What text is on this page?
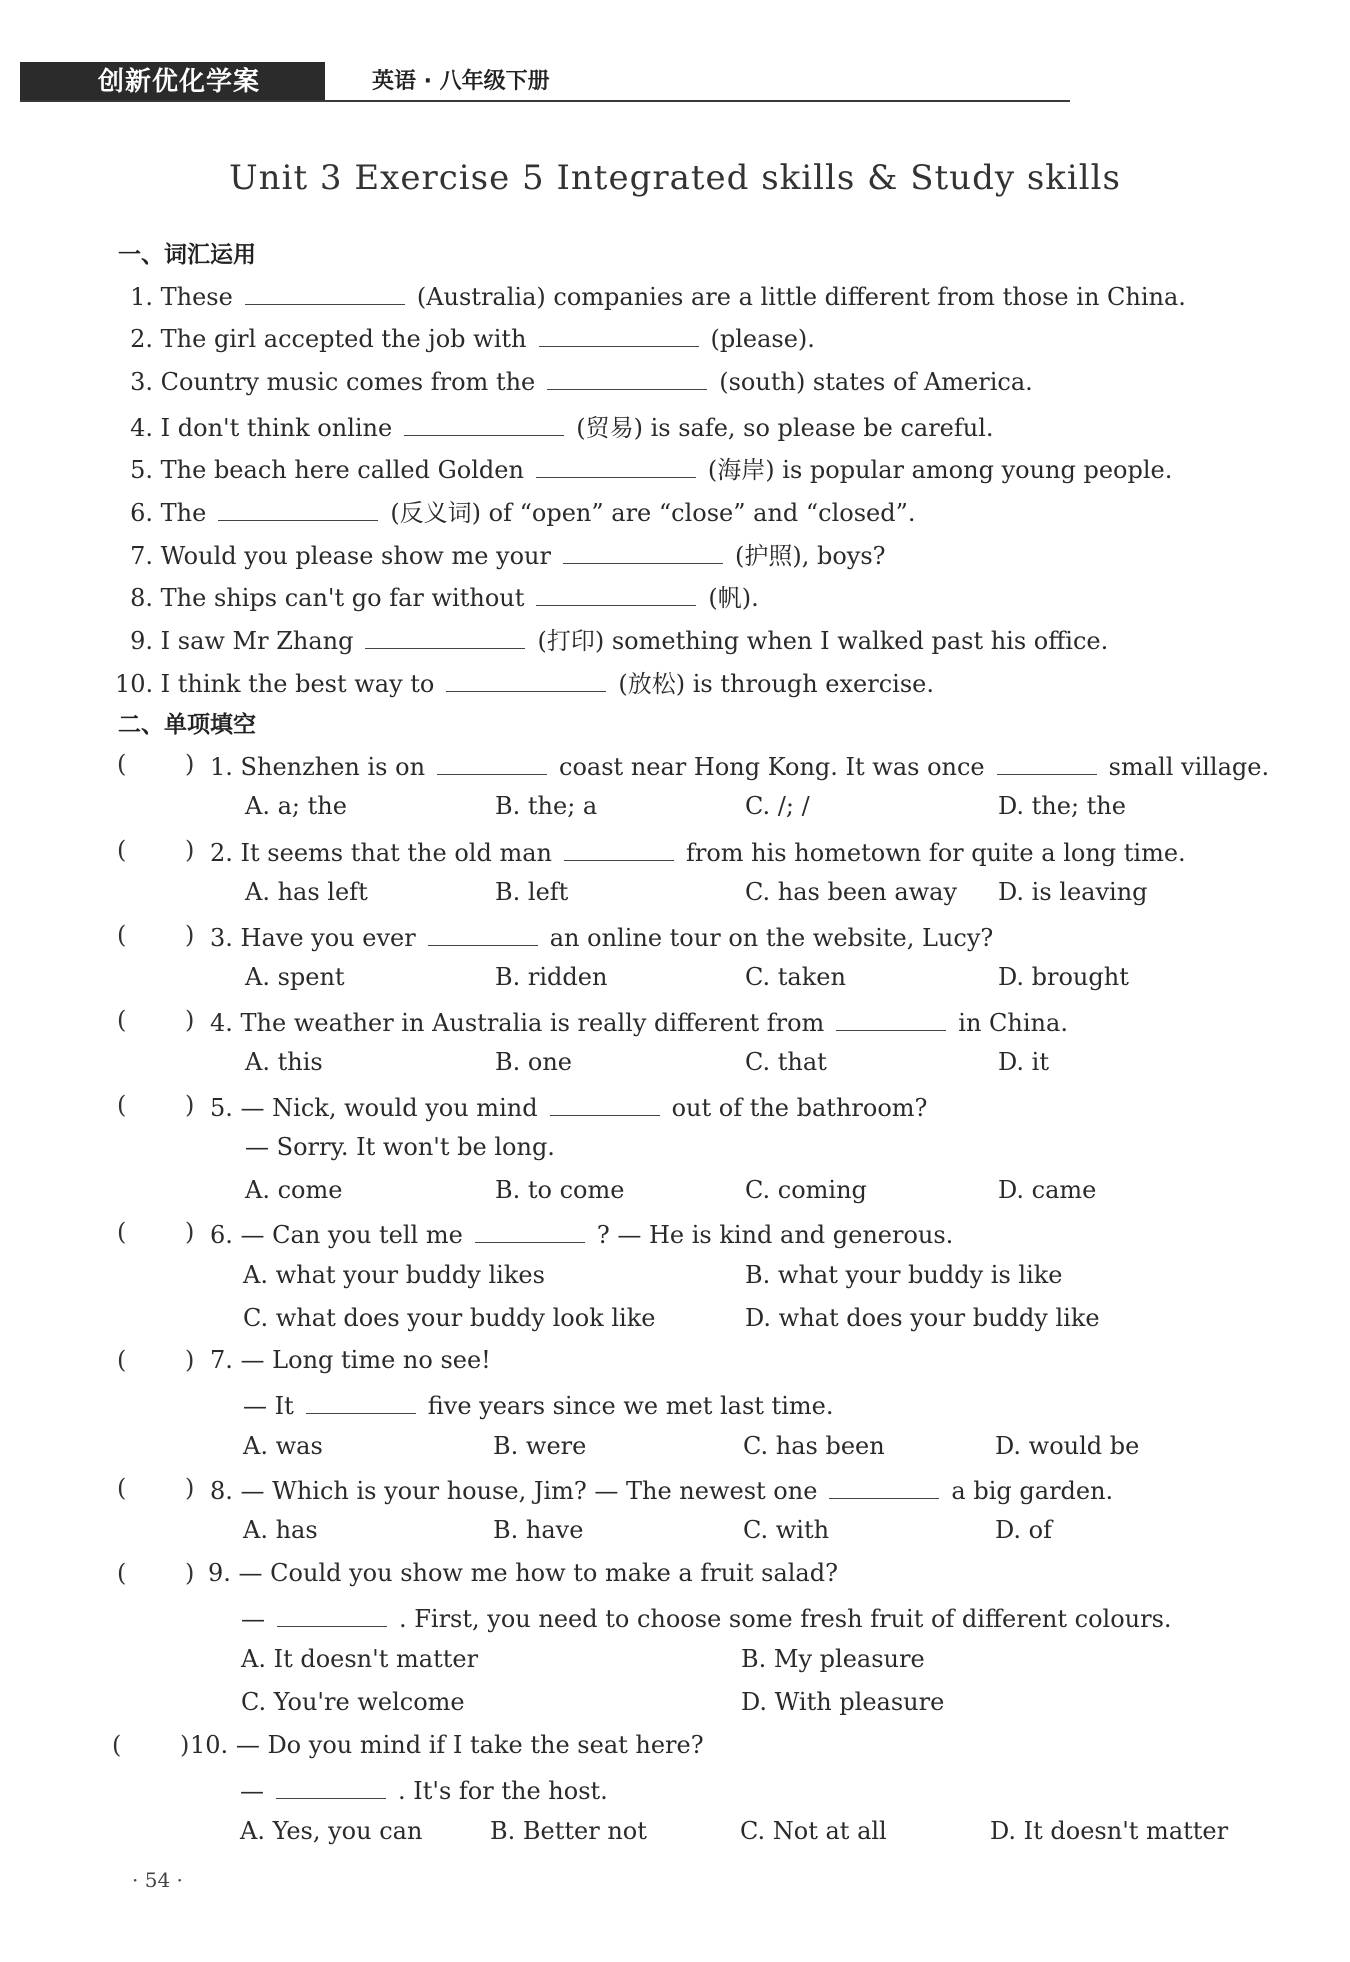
创新优化学案	英语 · 八年级下册
Unit 3 Exercise 5 Integrated skills & Study skills
一、词汇运用
1. These	(Australia) companies are a little different from those in China.
2. The girl accepted the job with	(please).
3. Country music comes from the	(south) states of America.
4. I don't think online	(贸易) is safe, so please be careful.
5. The beach here called Golden	(海岸) is popular among young people.
6. The	(反义词) of “open” are “close” and “closed”.
7. Would you please show me your	(护照), boys?
8. The ships can't go far without	(帆).
9. I saw Mr Zhang	(打印) something when I walked past his office.
10. I think the best way to	(放松) is through exercise.
二、单项填空
( ) 1. Shenzhen is on	coast near Hong Kong. It was once	small village.
A. a; the	B. the; a	C. /; /	D. the; the
( ) 2. It seems that the old man	from his hometown for quite a long time.
A. has left	B. left	C. has been away D. is leaving
( ) 3. Have you ever	an online tour on the website, Lucy?
A. spent	B. ridden	C. taken	D. brought
( ) 4. The weather in Australia is really different from	in China.
A. this	B. one	C. that	D. it
( ) 5. — Nick, would you mind	out of the bathroom?
— Sorry. It won't be long.
A. come	B. to come	C. coming	D. came
( ) 6. — Can you tell me	? — He is kind and generous.
A. what your buddy likes	B. what your buddy is like
C. what does your buddy look like	D. what does your buddy like
( ) 7. — Long time no see!
— It	five years since we met last time.
A. was	B. were	C. has been	D. would be
( ) 8. — Which is your house, Jim? — The newest one	a big garden.
A. has	B. have	C. with	D. of
( ) 9. — Could you show me how to make a fruit salad?
—	. First, you need to choose some fresh fruit of different colours.
A. It doesn't matter	B. My pleasure
C. You're welcome	D. With pleasure
( ) 10. — Do you mind if I take the seat here?
—	. It's for the host.
A. Yes, you can	B. Better not	C. Not at all	D. It doesn't matter
· 54 ·
